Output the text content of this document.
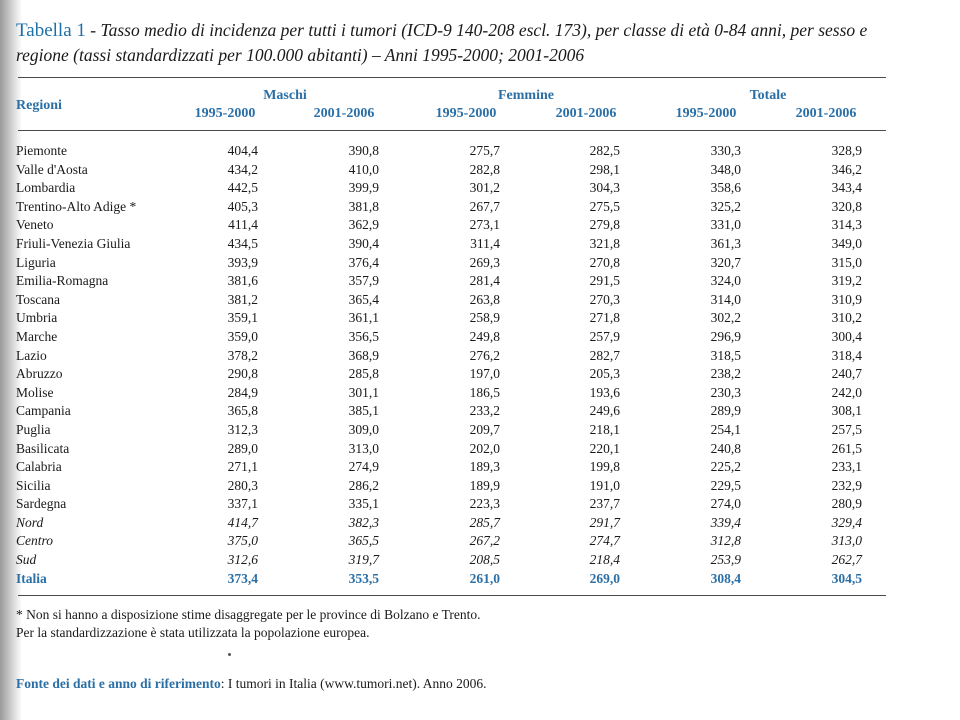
Tabella 1 - Tasso medio di incidenza per tutti i tumori (ICD-9 140-208 escl. 173), per classe di età 0-84 anni, per sesso e regione (tassi standardizzati per 100.000 abitanti) – Anni 1995-2000; 2001-2006
Regioni
Maschi	Femmine	Totale
1995-2000	2001-2006	1995-2000	2001-2006	1995-2000	2001-2006
Piemonte	404,4	390,8	275,7	282,5	330,3	328,9
Valle d'Aosta	434,2	410,0	282,8	298,1	348,0	346,2
Lombardia	442,5	399,9	301,2	304,3	358,6	343,4
Trentino-Alto Adige *	405,3	381,8	267,7	275,5	325,2	320,8
Veneto	411,4	362,9	273,1	279,8	331,0	314,3
Friuli-Venezia Giulia	434,5	390,4	311,4	321,8	361,3	349,0
Liguria	393,9	376,4	269,3	270,8	320,7	315,0
Emilia-Romagna	381,6	357,9	281,4	291,5	324,0	319,2
Toscana	381,2	365,4	263,8	270,3	314,0	310,9
Umbria	359,1	361,1	258,9	271,8	302,2	310,2
Marche	359,0	356,5	249,8	257,9	296,9	300,4
Lazio	378,2	368,9	276,2	282,7	318,5	318,4
Abruzzo	290,8	285,8	197,0	205,3	238,2	240,7
Molise	284,9	301,1	186,5	193,6	230,3	242,0
Campania	365,8	385,1	233,2	249,6	289,9	308,1
Puglia	312,3	309,0	209,7	218,1	254,1	257,5
Basilicata	289,0	313,0	202,0	220,1	240,8	261,5
Calabria	271,1	274,9	189,3	199,8	225,2	233,1
Sicilia	280,3	286,2	189,9	191,0	229,5	232,9
Sardegna	337,1	335,1	223,3	237,7	274,0	280,9
Nord	414,7	382,3	285,7	291,7	339,4	329,4
Centro	375,0	365,5	267,2	274,7	312,8	313,0
Sud	312,6	319,7	208,5	218,4	253,9	262,7
Italia	373,4	353,5	261,0	269,0	308,4	304,5
* Non si hanno a disposizione stime disaggregate per le province di Bolzano e Trento.
Per la standardizzazione è stata utilizzata la popolazione europea.
Fonte dei dati e anno di riferimento: I tumori in Italia (www.tumori.net). Anno 2006.
